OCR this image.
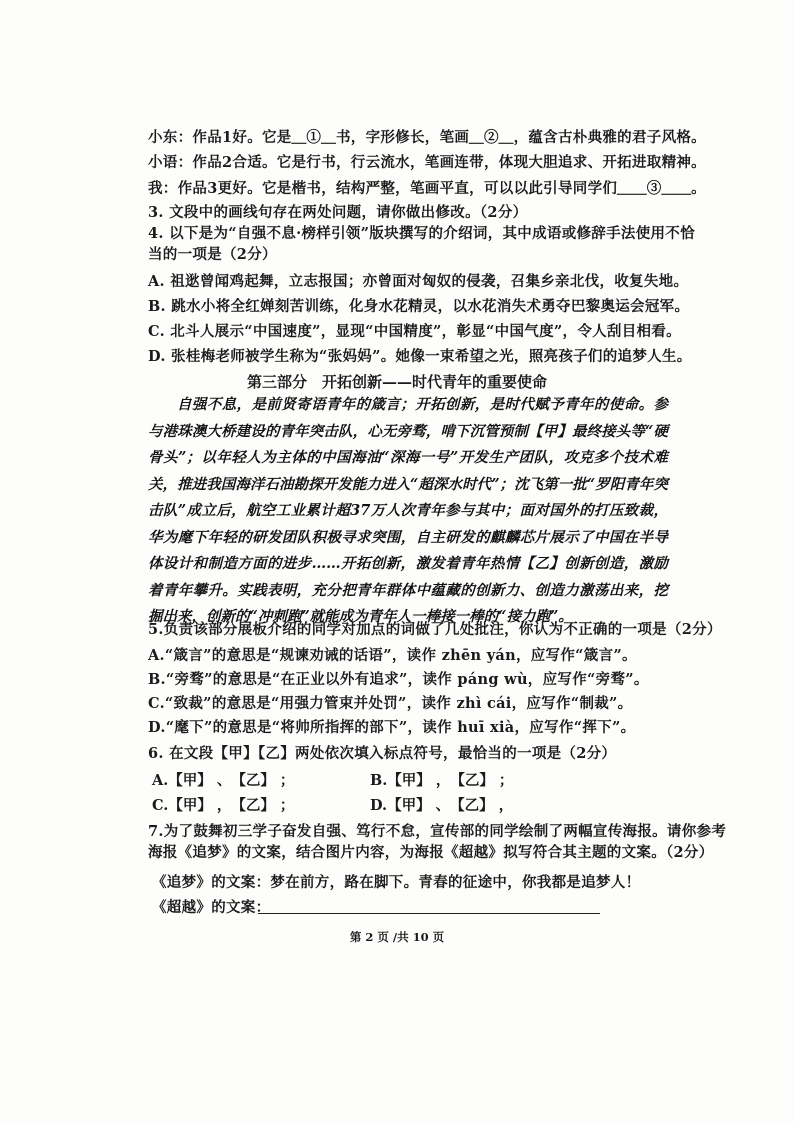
小东：作品1好。它是＿①＿书，字形修长，笔画＿②＿，蕴含古朴典雅的君子风格。
小语：作品2合适。它是行书，行云流水，笔画连带，体现大胆追求、开拓进取精神。
我：作品3更好。它是楷书，结构严整，笔画平直，可以以此引导同学们＿＿③＿＿。
3. 文段中的画线句存在两处问题，请你做出修改。（2分）
4. 以下是为“自强不息·榜样引领”版块撰写的介绍词，其中成语或修辞手法使用不恰
当的一项是（2分）
A. 祖逖曾闻鸡起舞，立志报国；亦曾面对匈奴的侵袭，召集乡亲北伐，收复失地。
B. 跳水小将全红婵刻苦训练，化身水花精灵，以水花消失术勇夺巴黎奥运会冠军。
C. 北斗人展示“中国速度”，显现“中国精度”，彰显“中国气度”，令人刮目相看。
D. 张桂梅老师被学生称为“张妈妈”。她像一束希望之光，照亮孩子们的追梦人生。
第三部分　开拓创新——时代青年的重要使命

自强不息，是前贤寄语青年的箴言；开拓创新，是时代赋予青年的使命。参与港珠澳大桥建设的青年突击队，心无旁骛，啃下沉管预制【甲】最终接头等“硬骨头”；以年轻人为主体的中国海油“深海一号”开发生产团队，攻克多个技术难关，推进我国海洋石油勘探开发能力进入“超深水时代”；沈飞第一批“罗阳青年突击队”成立后，航空工业累计超37万人次青年参与其中；面对国外的打压致裁，华为麾下年轻的研发团队积极寻求突围，自主研发的麒麟芯片展示了中国在半导体设计和制造方面的进步……开拓创新，激发着青年热情【乙】创新创造，激励着青年攀升。实践表明，充分把青年群体中蕴藏的创新力、创造力激荡出来，挖掘出来，创新的“冲刺跑”就能成为青年人一棒接一棒的“接力跑”。

5.负责该部分展板介绍的同学对加点的词做了几处批注，你认为不正确的一项是（2分）
A.“箴言”的意思是“规谏劝诫的话语”，读作 zhēn yán，应写作“箴言”。
B.“旁骛”的意思是“在正业以外有追求”，读作 páng wù，应写作“旁骛”。
C.“致裁”的意思是“用强力管束并处罚”，读作 zhì cái，应写作“制裁”。
D.“麾下”的意思是“将帅所指挥的部下”，读作 huī xià，应写作“挥下”。
6. 在文段【甲】【乙】两处依次填入标点符号，最恰当的一项是（2分）
A.【甲】 、　【乙】 ；	B.【甲】 ，　【乙】 ；
C.【甲】 ，　【乙】 ；	D.【甲】 、　【乙】 ，
7.为了鼓舞初三学子奋发自强、笃行不怠，宣传部的同学绘制了两幅宣传海报。请你参考
海报《追梦》的文案，结合图片内容，为海报《超越》拟写符合其主题的文案。（2分）
《追梦》的文案：梦在前方，路在脚下。青春的征途中，你我都是追梦人！
《超越》的文案：
第 2 页 /共 10 页
